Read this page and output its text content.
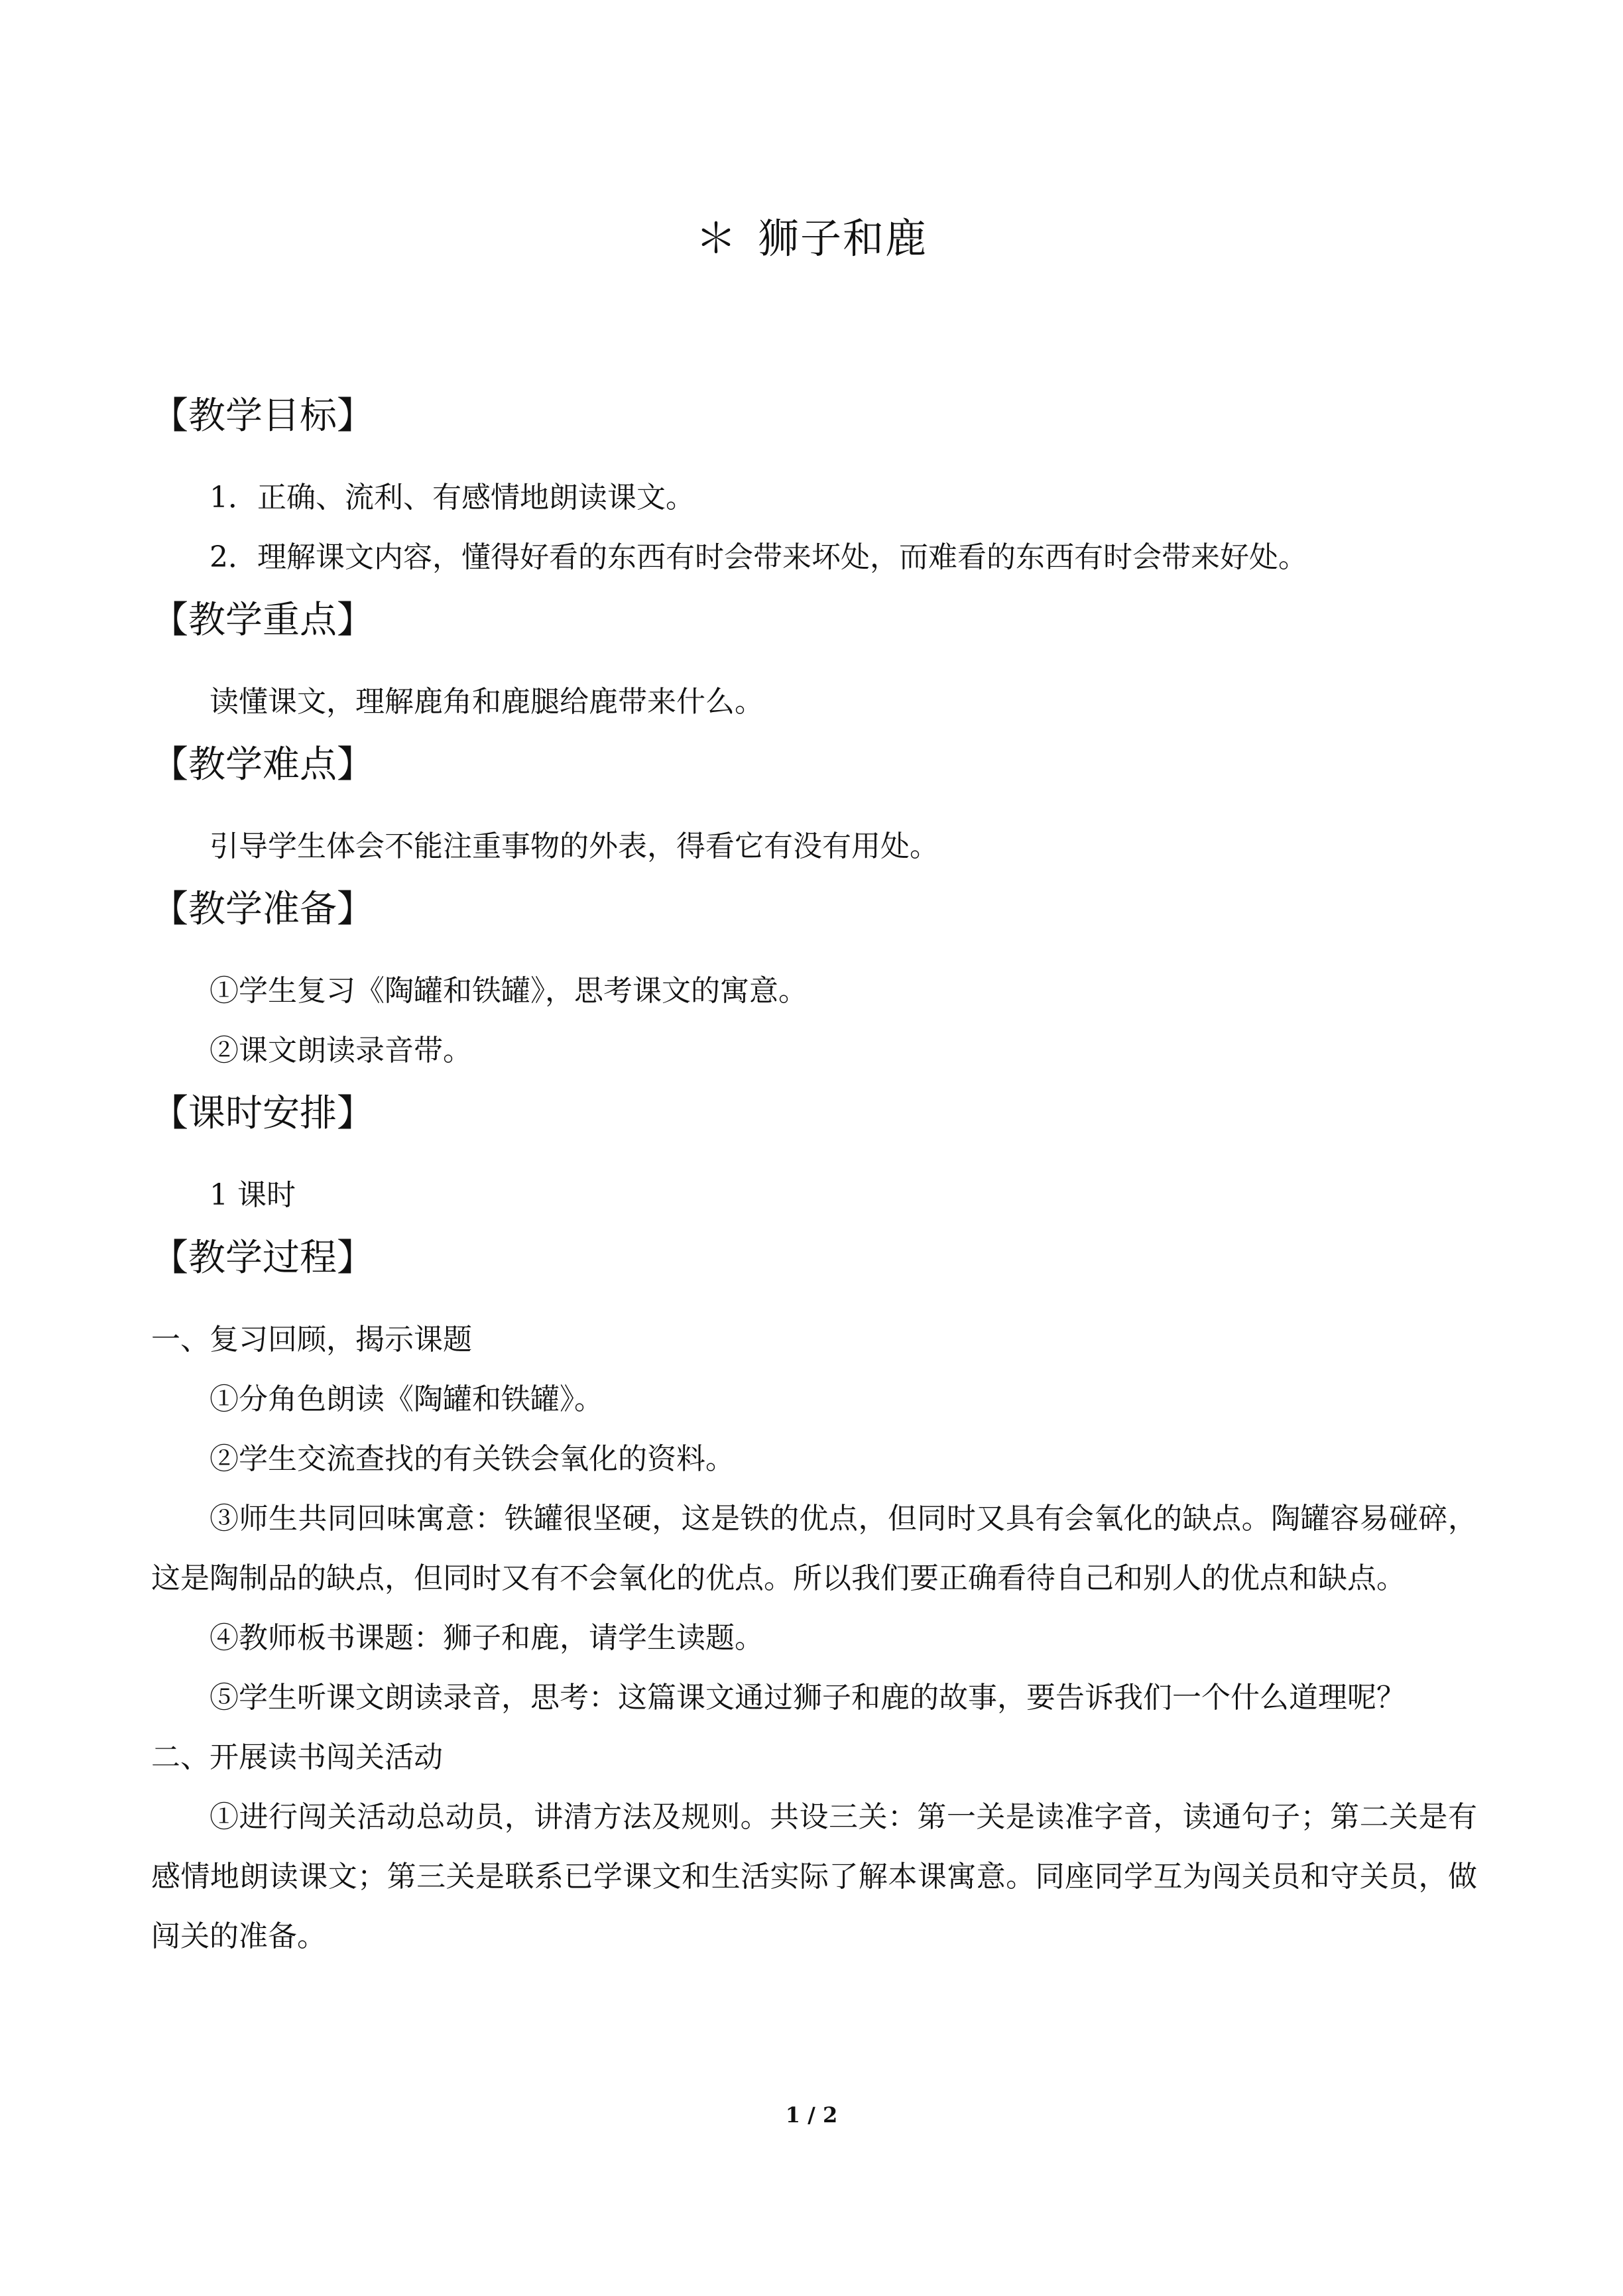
＊ 狮子和鹿
【教学目标】
1．正确、流利、有感情地朗读课文。
2．理解课文内容，懂得好看的东西有时会带来坏处，而难看的东西有时会带来好处。
【教学重点】
读懂课文，理解鹿角和鹿腿给鹿带来什么。
【教学难点】
引导学生体会不能注重事物的外表，得看它有没有用处。
【教学准备】
①学生复习《陶罐和铁罐》，思考课文的寓意。
②课文朗读录音带。
【课时安排】
1 课时
【教学过程】
一、复习回顾，揭示课题
①分角色朗读《陶罐和铁罐》。
②学生交流查找的有关铁会氧化的资料。
③师生共同回味寓意：铁罐很坚硬，这是铁的优点，但同时又具有会氧化的缺点。陶罐容易碰碎，这是陶制品的缺点，但同时又有不会氧化的优点。所以我们要正确看待自己和别人的优点和缺点。
④教师板书课题：狮子和鹿，请学生读题。
⑤学生听课文朗读录音，思考：这篇课文通过狮子和鹿的故事，要告诉我们一个什么道理呢？
二、开展读书闯关活动
①进行闯关活动总动员，讲清方法及规则。共设三关：第一关是读准字音，读通句子；第二关是有感情地朗读课文；第三关是联系已学课文和生活实际了解本课寓意。同座同学互为闯关员和守关员，做闯关的准备。
1 / 2
